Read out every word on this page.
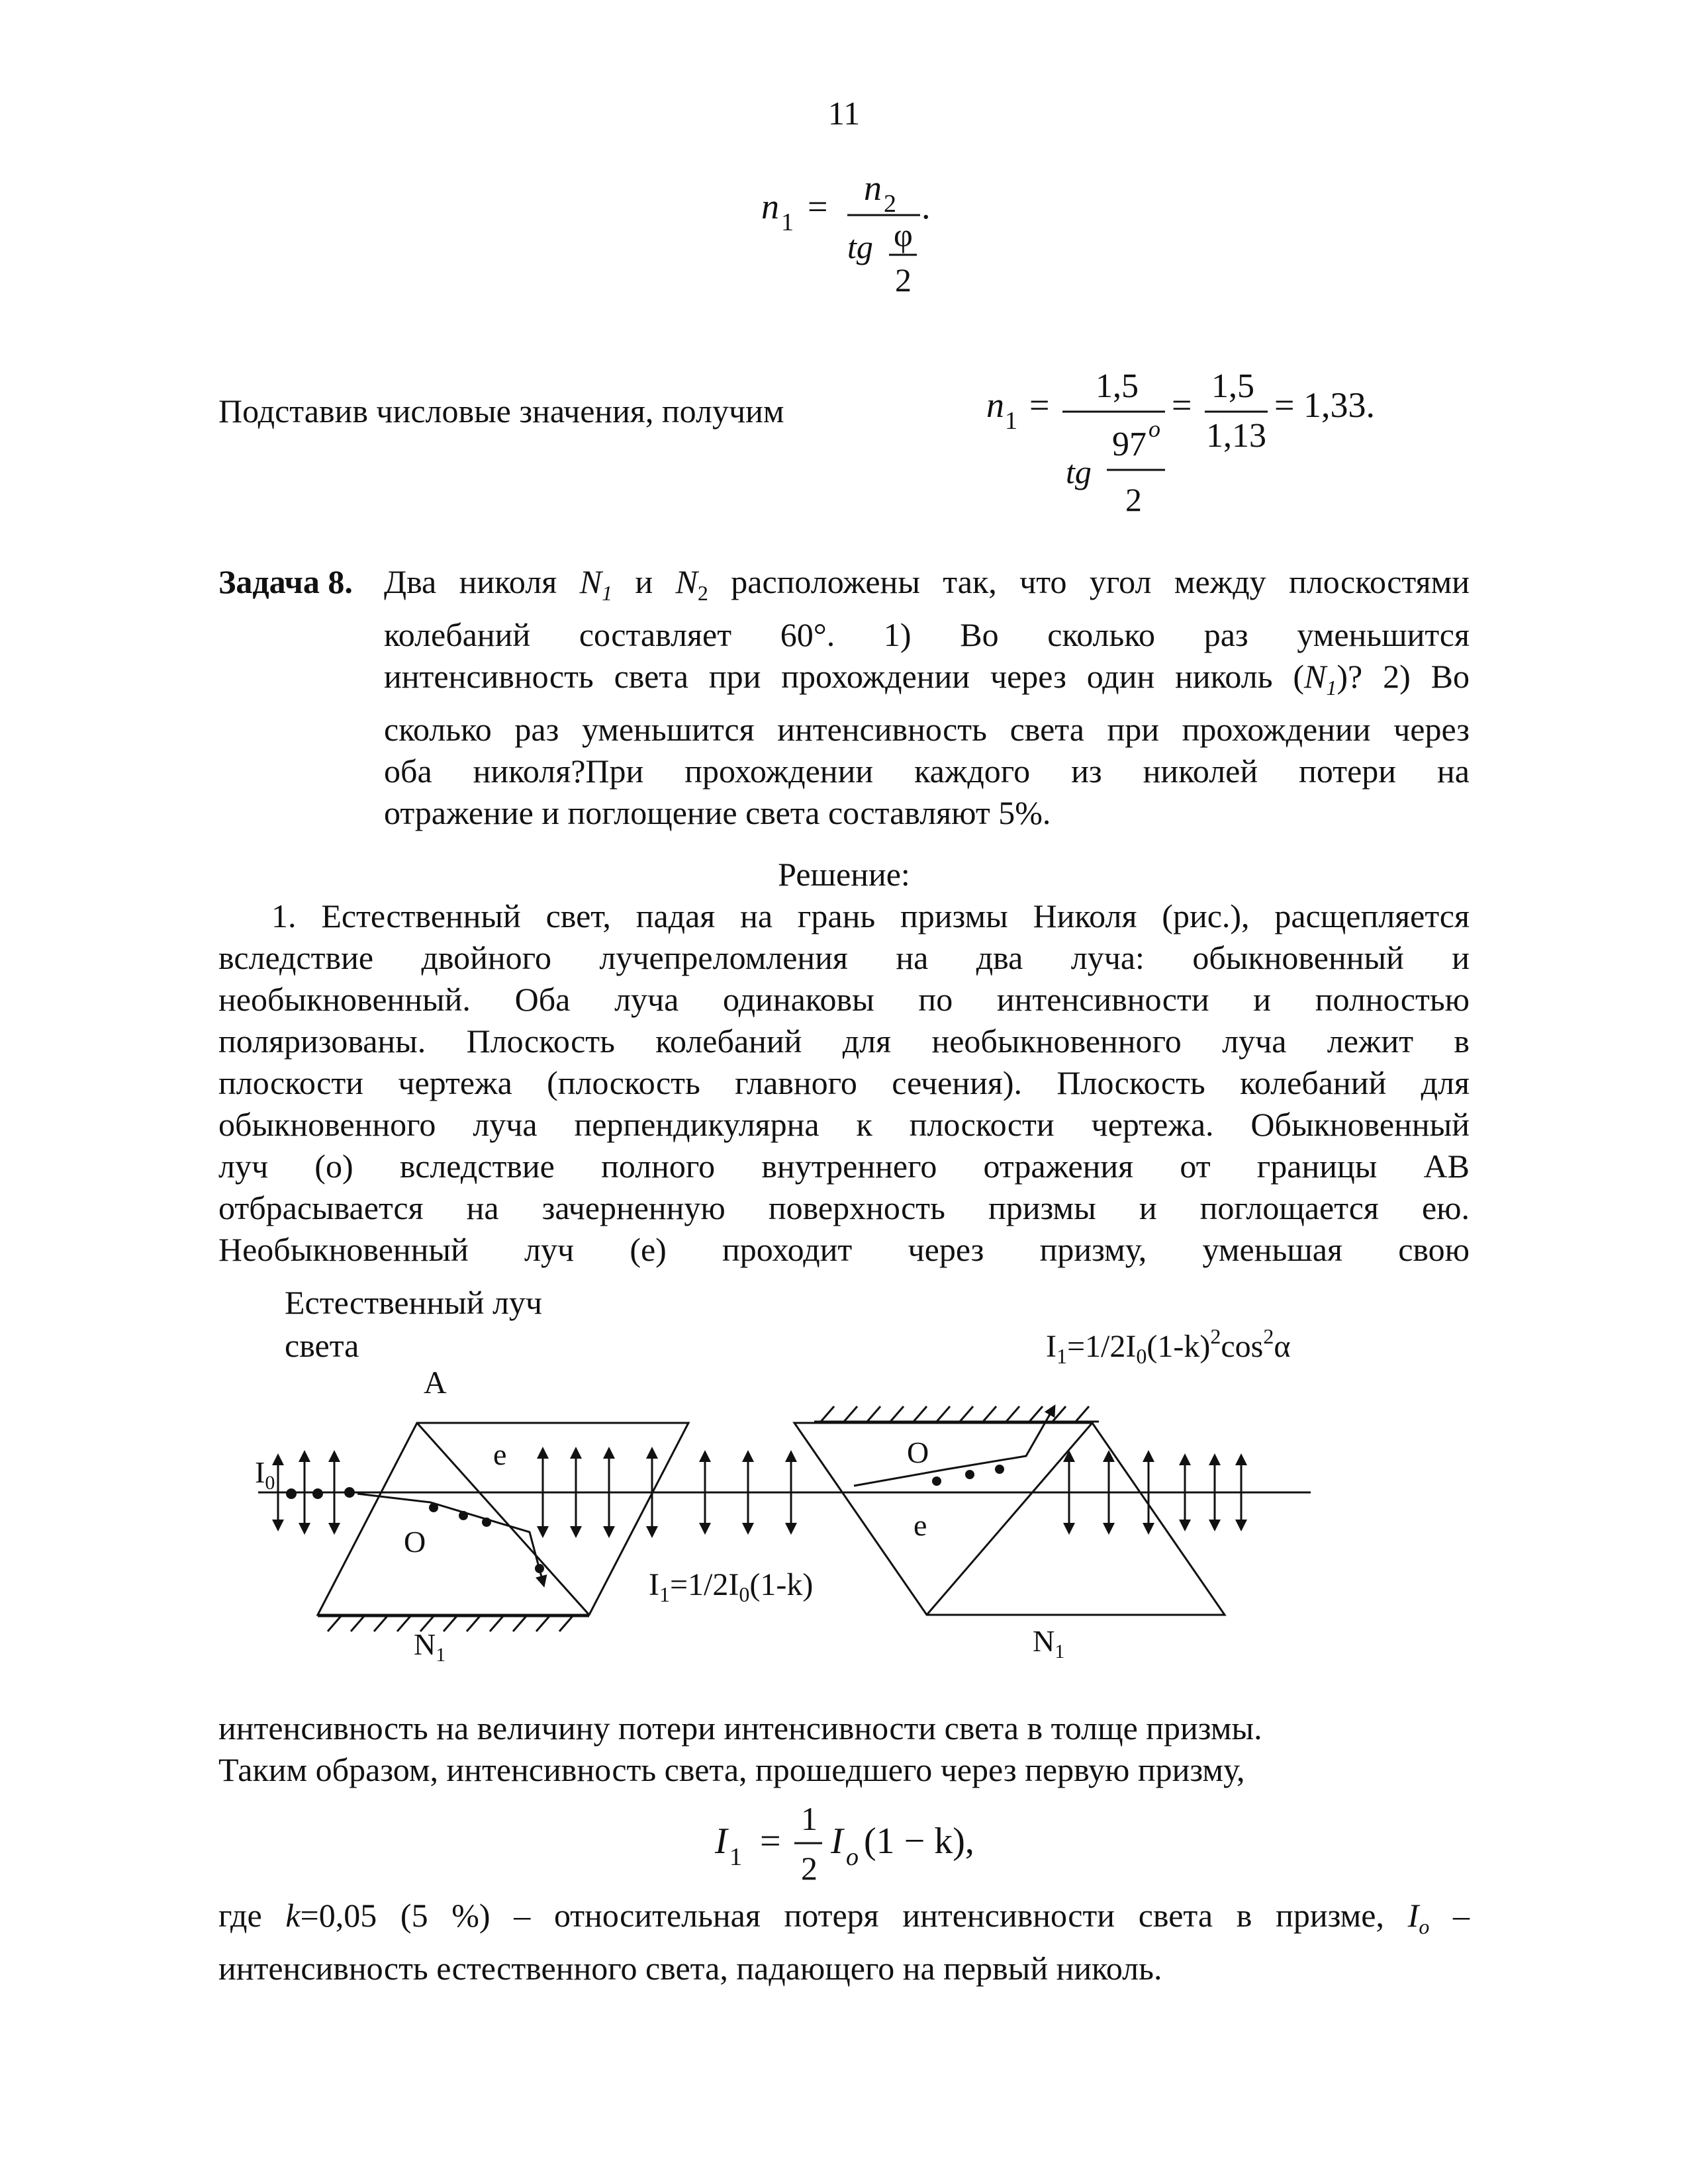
11
n 1 = n 2
tg φ
2
.
Подставив числовые значения, получим	n 1 = 1,5
tg
97 o
2
= 1,5
1,13
= 1,33.
Задача 8. Два николя $N_1$ и $N_2$ расположены так, что угол между плоскостями
колебаний составляет 60°. 1) Во сколько раз уменьшится
интенсивность света при прохождении через один николь $(N_1)$? 2) Во
сколько раз уменьшится интенсивность света при прохождении через
оба николя?При прохождении каждого из николей потери на
отражение и поглощение света составляют 5%.
Решение:
1. Естественный свет, падая на грань призмы Николя (рис.), расщепляется
вследствие двойного лучепреломления на два луча: обыкновенный и
необыкновенный. Оба луча одинаковы по интенсивности и полностью
поляризованы. Плоскость колебаний для необыкновенного луча лежит в
плоскости чертежа (плоскость главного сечения). Плоскость колебаний для
обыкновенного луча перпендикулярна к плоскости чертежа. Обыкновенный
луч (о) вследствие полного внутреннего отражения от границы АВ
отбрасывается на зачерненную поверхность призмы и поглощается ею.
Необыкновенный луч (е) проходит через призму, уменьшая свою
Естественный луч
света
A
$I_1=1/2I_0(1-k)^2\cos^2\alpha$
$I_0$
O
e
$N_1$
$I_1=1/2I_0(1-k)$
O
e
$N_1$
интенсивность на величину потери интенсивности света в толще призмы.
Таким образом, интенсивность света, прошедшего через первую призму,
I 1 =
1
2
I o (1 − k),
где k=0,05 (5 %) – относительная потеря интенсивности света в призме, $I_o$ –
интенсивность естественного света, падающего на первый николь.
